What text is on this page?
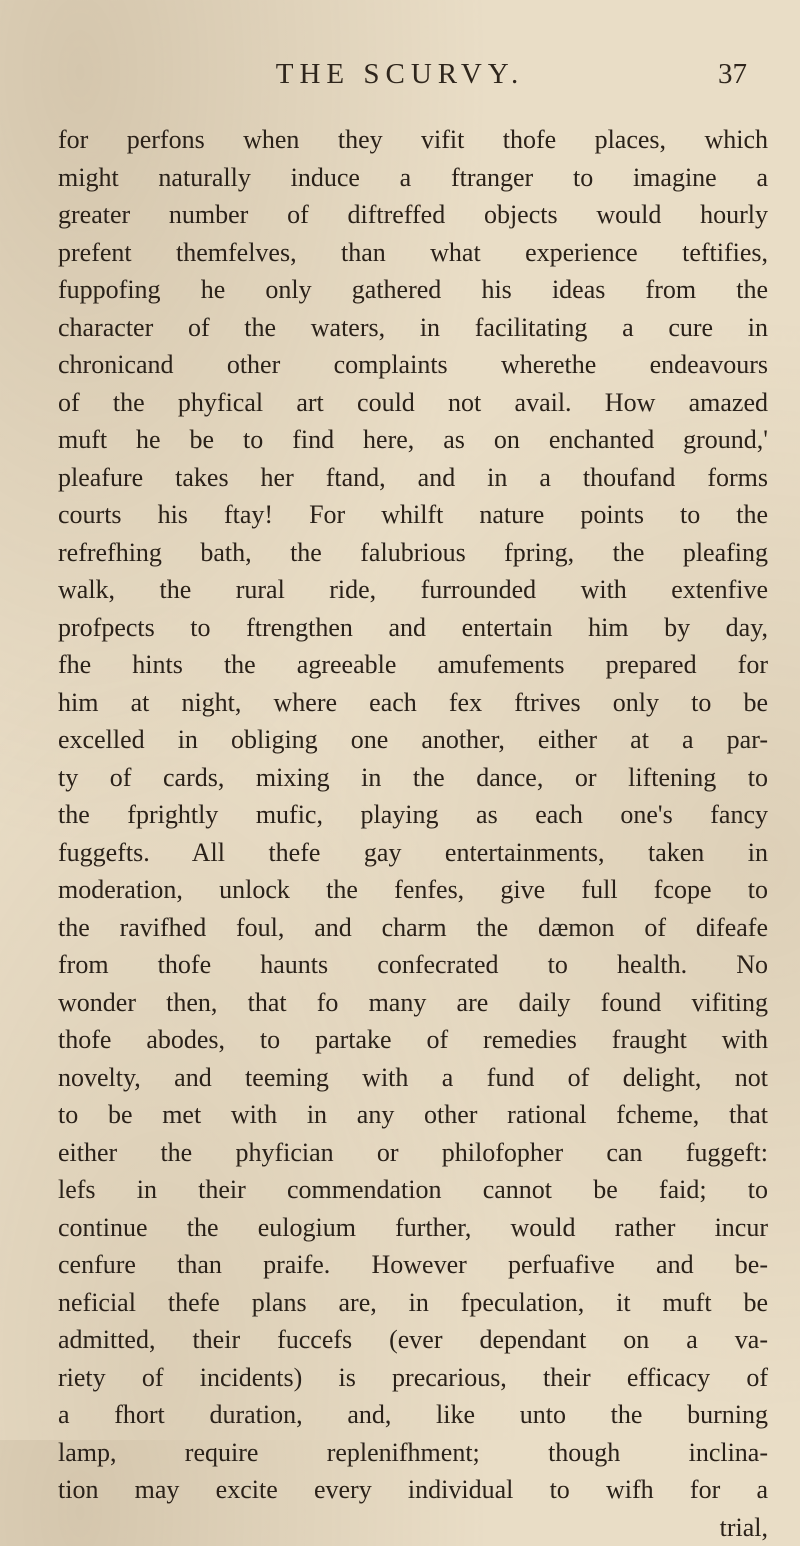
THE SCURVY.	37
for perfons when they vifit thofe places, which
might naturally induce a ftranger to imagine a
greater number of diftreffed objects would hourly
prefent themfelves, than what experience teftifies,
fuppofing he only gathered his ideas from the
character of the waters, in facilitating a cure in
chronicand other complaints wherethe endeavours
of the phyfical art could not avail. How amazed
muft he be to find here, as on enchanted ground,'
pleafure takes her ftand, and in a thoufand forms
courts his ftay! For whilft nature points to the
refrefhing bath, the falubrious fpring, the pleafing
walk, the rural ride, furrounded with extenfive
profpects to ftrengthen and entertain him by day,
fhe hints the agreeable amufements prepared for
him at night, where each fex ftrives only to be
excelled in obliging one another, either at a par-
ty of cards, mixing in the dance, or liftening to
the fprightly mufic, playing as each one's fancy
fuggefts. All thefe gay entertainments, taken in
moderation, unlock the fenfes, give full fcope to
the ravifhed foul, and charm the dæmon of difeafe
from thofe haunts confecrated to health. No
wonder then, that fo many are daily found vifiting
thofe abodes, to partake of remedies fraught with
novelty, and teeming with a fund of delight, not
to be met with in any other rational fcheme, that
either the phyfician or philofopher can fuggeft:
lefs in their commendation cannot be faid; to
continue the eulogium further, would rather incur
cenfure than praife. However perfuafive and be-
neficial thefe plans are, in fpeculation, it muft be
admitted, their fuccefs (ever dependant on a va-
riety of incidents) is precarious, their efficacy of
a fhort duration, and, like unto the burning
lamp, require replenifhment; though inclina-
tion may excite every individual to wifh for a
trial,
